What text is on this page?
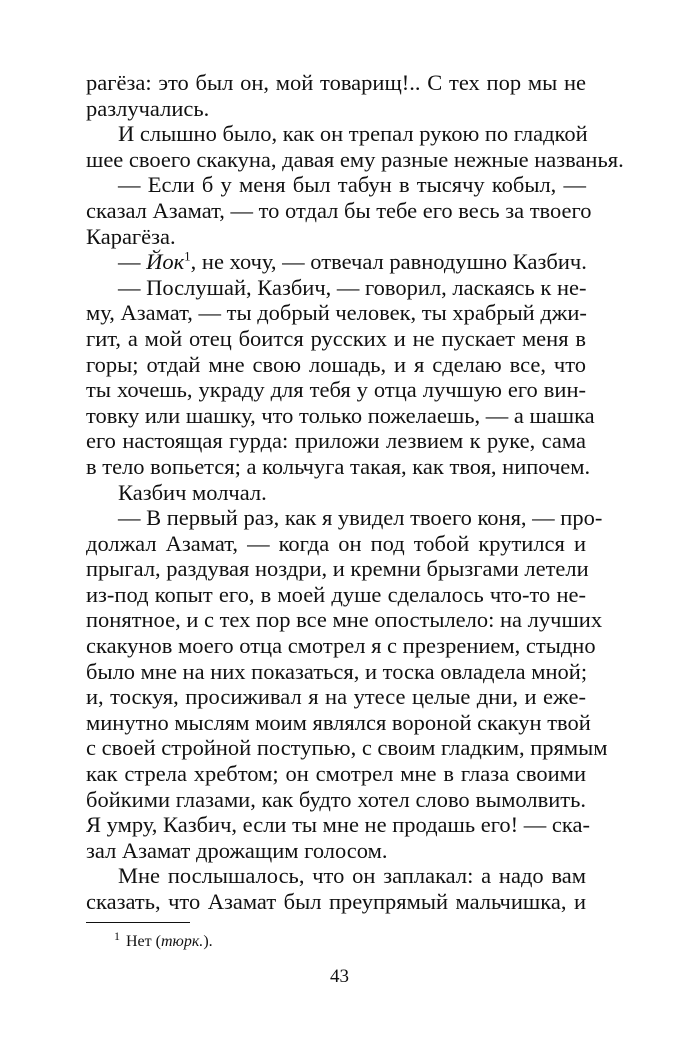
рагёза: это был он, мой товарищ!.. С тех пор мы не
разлучались.

И слышно было, как он трепал рукою по гладкой
шее своего скакуна, давая ему разные нежные названья.

— Если б у меня был табун в тысячу кобыл, —
сказал Азамат, — то отдал бы тебе его весь за твоего
Карагёза.

— Йок$^1$, не хочу, — отвечал равнодушно Казбич.

— Послушай, Казбич, — говорил, ласкаясь к не-
му, Азамат, — ты добрый человек, ты храбрый джи-
гит, а мой отец боится русских и не пускает меня в
горы; отдай мне свою лошадь, и я сделаю все, что
ты хочешь, украду для тебя у отца лучшую его вин-
товку или шашку, что только пожелаешь, — а шашка
его настоящая гурда: приложи лезвием к руке, сама
в тело вопьется; а кольчуга такая, как твоя, нипочем.

Казбич молчал.

— В первый раз, как я увидел твоего коня, — про-
должал Азамат, — когда он под тобой крутился и
прыгал, раздувая ноздри, и кремни брызгами летели
из-под копыт его, в моей душе сделалось что-то не-
понятное, и с тех пор все мне опостылело: на лучших
скакунов моего отца смотрел я с презрением, стыдно
было мне на них показаться, и тоска овладела мной;
и, тоскуя, просиживал я на утесе целые дни, и ежe-
минутно мыслям моим являлся вороной скакун твой
с своей стройной поступью, с своим гладким, прямым
как стрела хребтом; он смотрел мне в глаза своими
бойкими глазами, как будто хотел слово вымолвить.
Я умру, Казбич, если ты мне не продашь его! — ска-
зал Азамат дрожащим голосом.

Мне послышалось, что он заплакал: а надо вам
сказать, что Азамат был преупрямый мальчишка, и

$^1$ Нет (тюрк.).
43
